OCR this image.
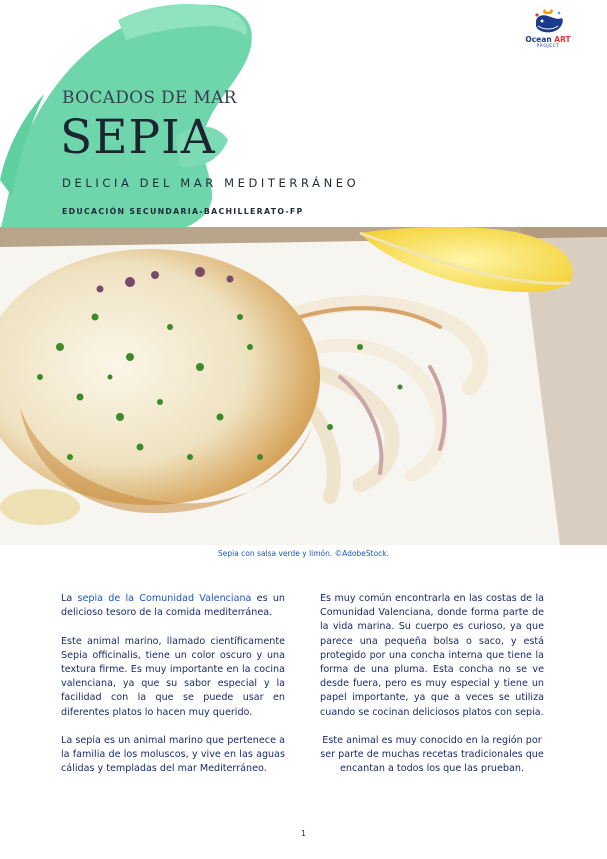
Ocean ART
PROJECT
BOCADOS DE MAR
SEPIA
DELICIA DEL MAR MEDITERRÁNEO
EDUCACIÓN SECUNDARIA-BACHILLERATO-FP
Sepia con salsa verde y limón. ©AdobeStock.

La sepia de la Comunidad Valenciana es un delicioso tesoro de la comida mediterránea.

Este animal marino, llamado científicamente Sepia officinalis, tiene un color oscuro y una textura firme. Es muy importante en la cocina valenciana, ya que su sabor especial y la facilidad con la que se puede usar en diferentes platos lo hacen muy querido.

La sepia es un animal marino que pertenece a la familia de los moluscos, y vive en las aguas cálidas y templadas del mar Mediterráneo.

Es muy común encontrarla en las costas de la Comunidad Valenciana, donde forma parte de la vida marina. Su cuerpo es curioso, ya que parece una pequeña bolsa o saco, y está protegido por una concha interna que tiene la forma de una pluma. Esta concha no se ve desde fuera, pero es muy especial y tiene un papel importante, ya que a veces se utiliza cuando se cocinan deliciosos platos con sepia.

Este animal es muy conocido en la región por ser parte de muchas recetas tradicionales que encantan a todos los que las prueban.

1
